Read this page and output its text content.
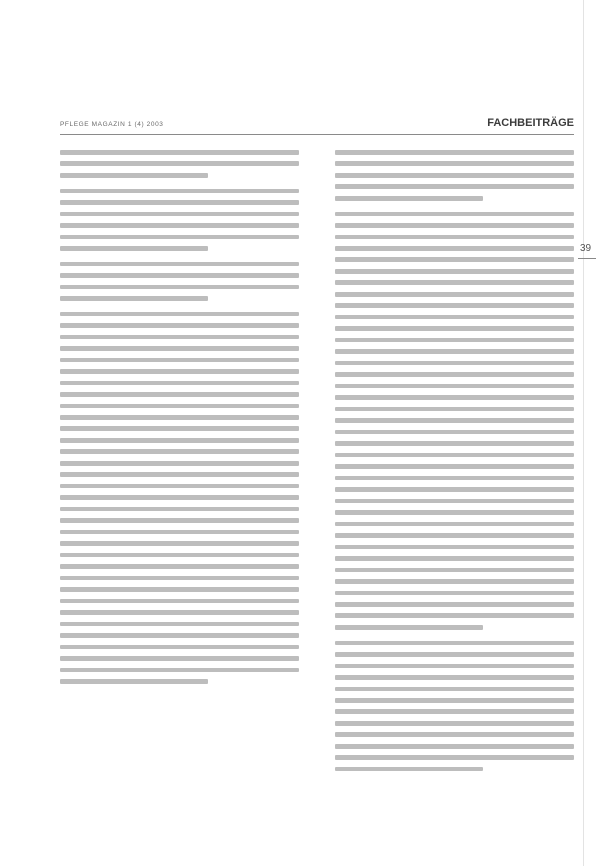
PFLEGE MAGAZIN 1 (4) 2003	FACHBEITRÄGE
39
